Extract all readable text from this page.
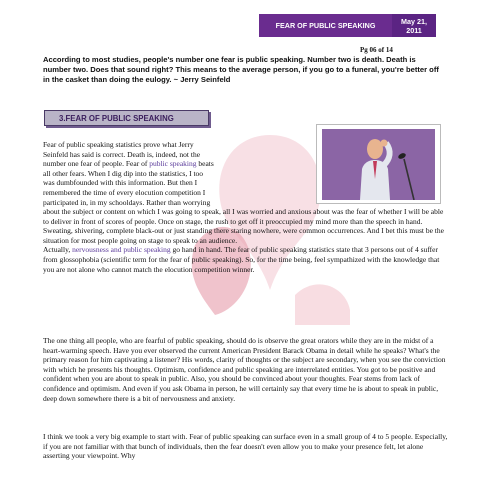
FEAR OF PUBLIC SPEAKING	May 21,
2011
Pg 06 of 14
According to most studies, people's number one fear is public speaking. Number two is death. Death is number two. Does that sound right? This means to the average person, if you go to a funeral, you're better off in the casket than doing the eulogy. ~ Jerry Seinfeld
3.FEAR OF PUBLIC SPEAKING

Fear of public speaking statistics prove what Jerry

Seinfeld has said is correct. Death is, indeed, not the

number one fear of people. Fear of public speaking beats

all other fears. When I dig dip into the statistics, I too

was dumbfounded with this information. But then I

remembered the time of every elocution competition I

participated in, in my schooldays. Rather than worrying

about the subject or content on which I was going to speak, all I was worried and anxious about was the fear of whether I will be able to deliver in front of scores of people. Once on stage, the rush to get off it preoccupied my mind more than the speech in hand. Sweating, shivering, complete black-out or just standing there staring nowhere, were common occurrences. And I bet this must be the situation for most people going on stage to speak to an audience.

Actually, nervousness and public speaking go hand in hand. The fear of public speaking statistics state that 3 persons out of 4 suffer from glossophobia (scientific term for the fear of public speaking). So, for the time being, feel sympathized with the knowledge that you are not alone who cannot match the elocution competition winner.

The one thing all people, who are fearful of public speaking, should do is observe the great orators while they are in the midst of a heart-warming speech. Have you ever observed the current American President Barack Obama in detail while he speaks? What's the primary reason for him captivating a listener? His words, clarity of thoughts or the subject are secondary, when you see the conviction with which he presents his thoughts. Optimism, confidence and public speaking are interrelated entities. You got to be positive and confident when you are about to speak in public. Also, you should be convinced about your thoughts. Fear stems from lack of confidence and optimism. And even if you ask Obama in person, he will certainly say that every time he is about to speak in public, deep down somewhere there is a bit of nervousness and anxiety.
I think we took a very big example to start with. Fear of public speaking can surface even in a small group of 4 to 5 people. Especially, if you are not familiar with that bunch of individuals, then the fear doesn't even allow you to make your presence felt, let alone asserting your viewpoint. Why
